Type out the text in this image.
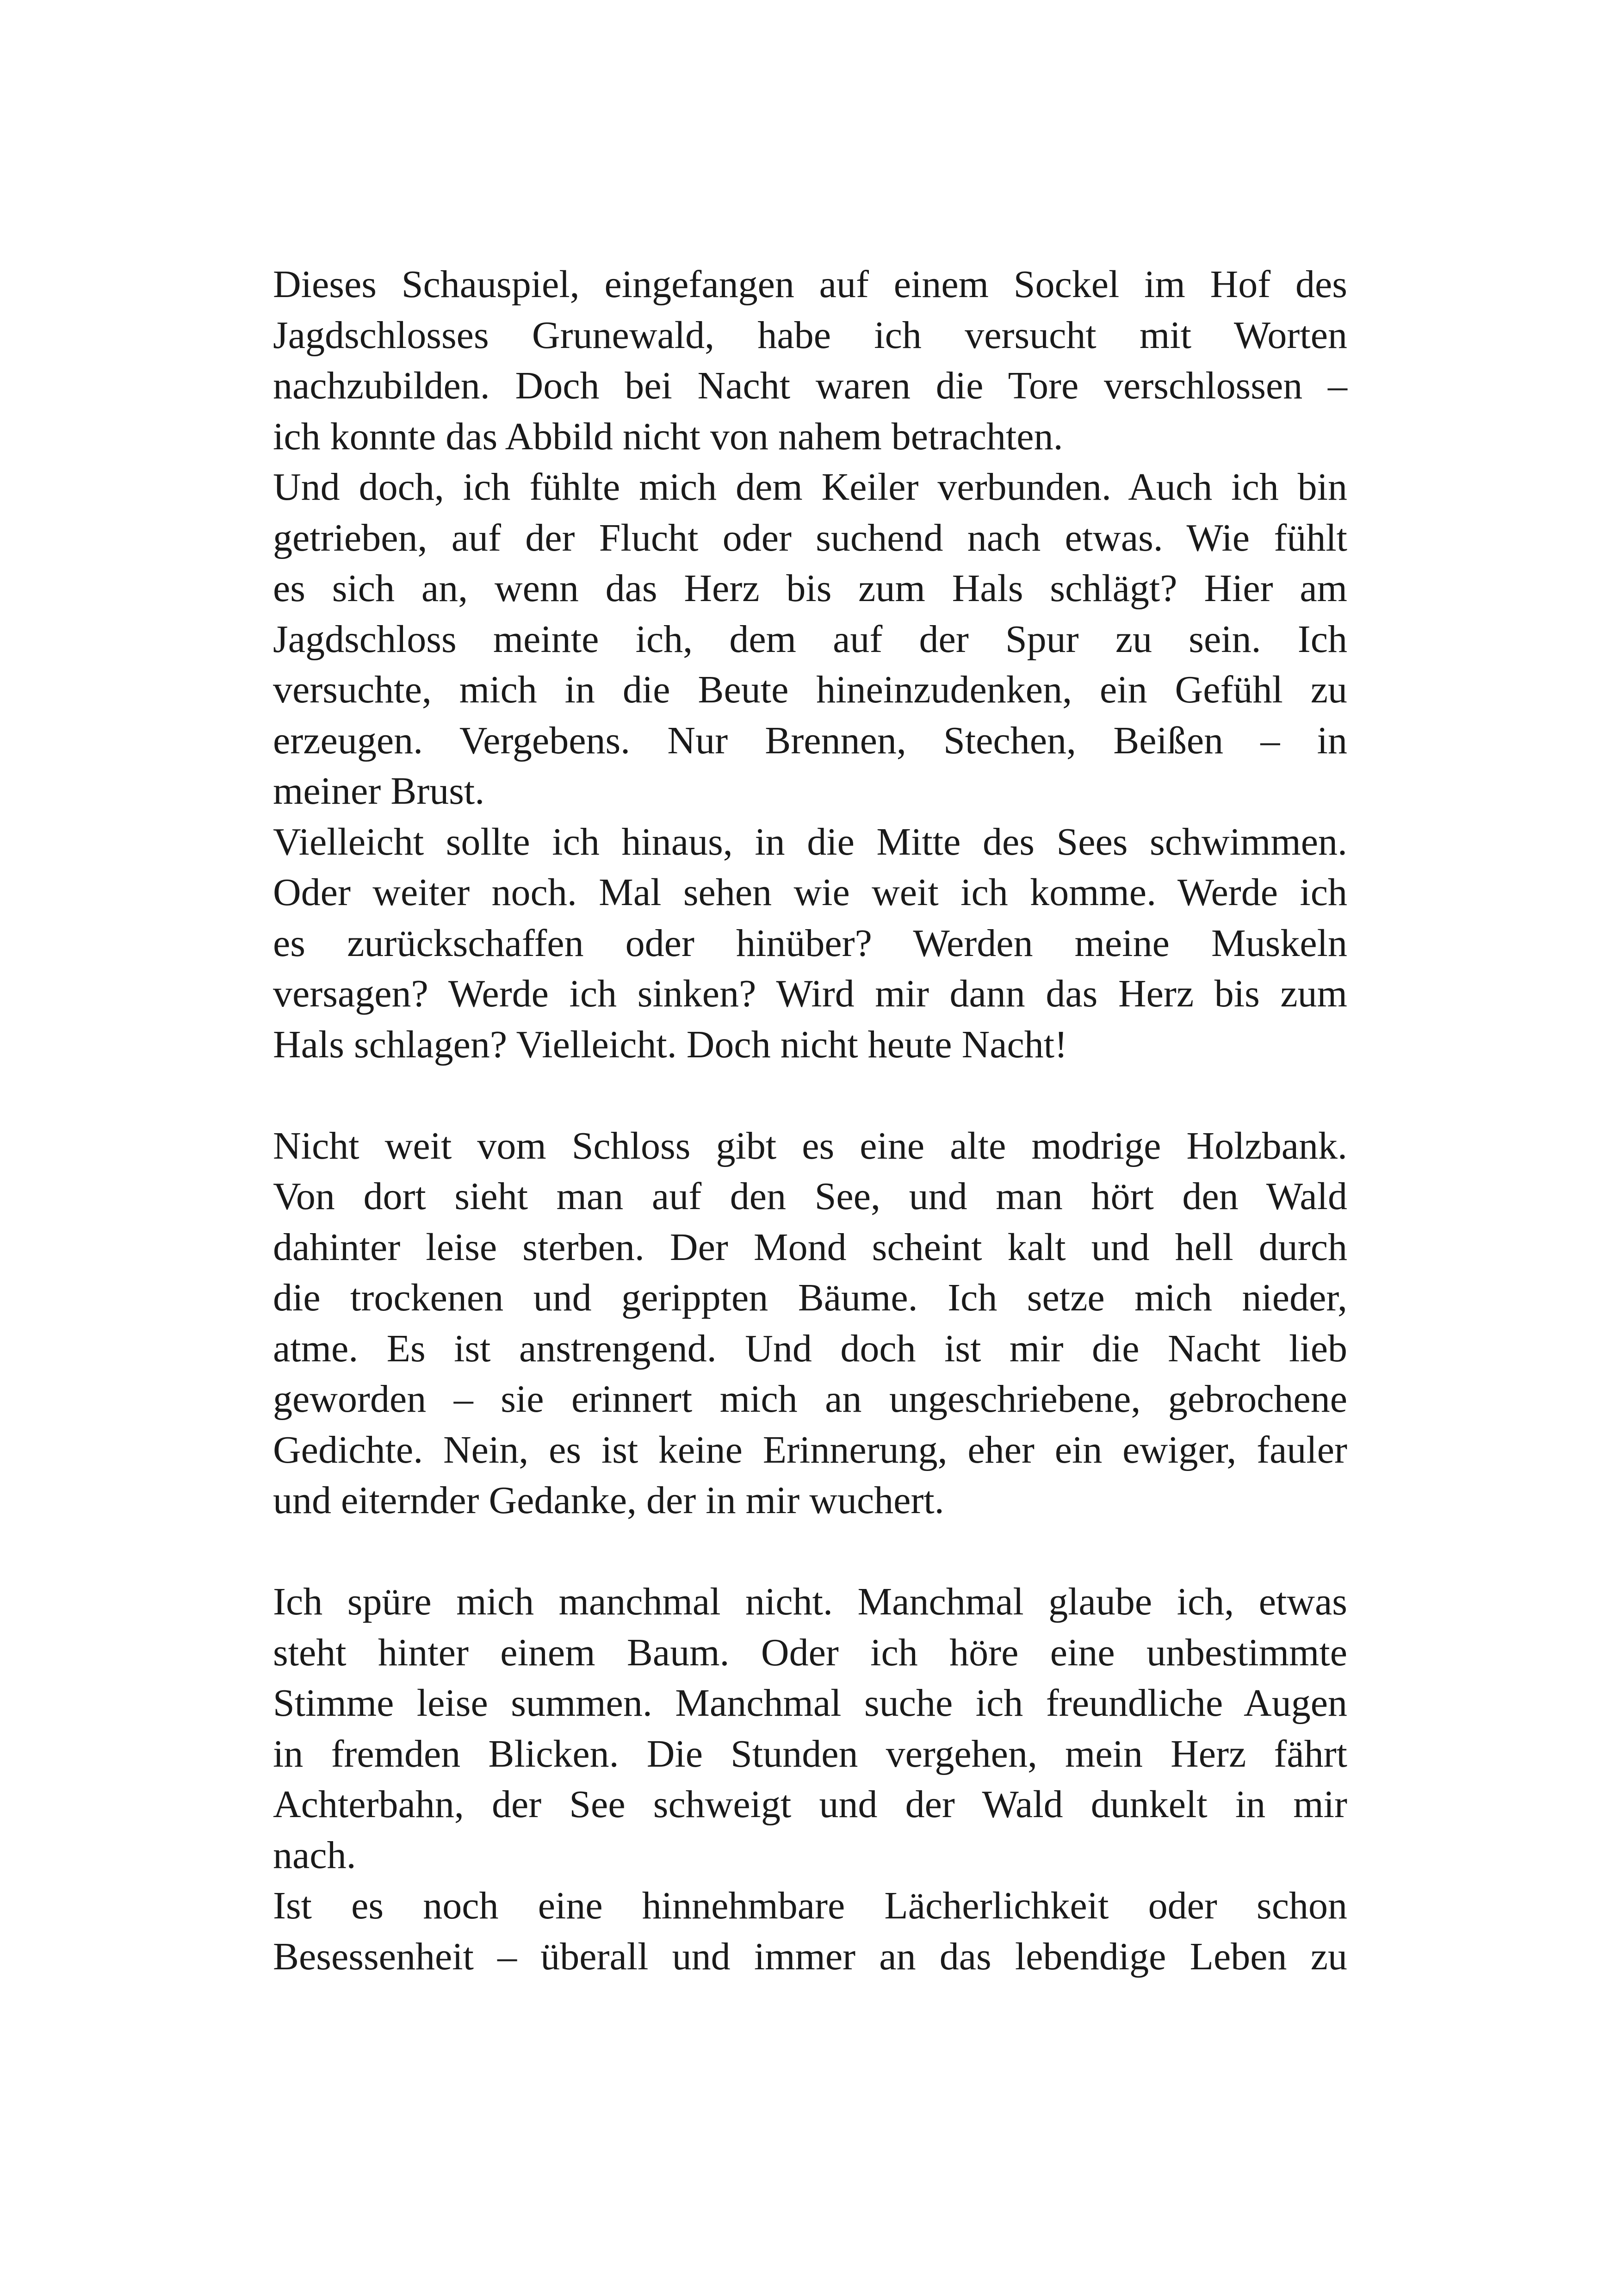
Dieses Schauspiel, eingefangen auf einem Sockel im Hof des
Jagdschlosses Grunewald, habe ich versucht mit Worten
nachzubilden. Doch bei Nacht waren die Tore verschlossen –
ich konnte das Abbild nicht von nahem betrachten.

Und doch, ich fühlte mich dem Keiler verbunden. Auch ich bin
getrieben, auf der Flucht oder suchend nach etwas. Wie fühlt
es sich an, wenn das Herz bis zum Hals schlägt? Hier am
Jagdschloss meinte ich, dem auf der Spur zu sein. Ich
versuchte, mich in die Beute hineinzudenken, ein Gefühl zu
erzeugen. Vergebens. Nur Brennen, Stechen, Beißen – in
meiner Brust.

Vielleicht sollte ich hinaus, in die Mitte des Sees schwimmen.
Oder weiter noch. Mal sehen wie weit ich komme. Werde ich
es zurückschaffen oder hinüber? Werden meine Muskeln
versagen? Werde ich sinken? Wird mir dann das Herz bis zum
Hals schlagen? Vielleicht. Doch nicht heute Nacht!

Nicht weit vom Schloss gibt es eine alte modrige Holzbank.
Von dort sieht man auf den See, und man hört den Wald
dahinter leise sterben. Der Mond scheint kalt und hell durch
die trockenen und gerippten Bäume. Ich setze mich nieder,
atme. Es ist anstrengend. Und doch ist mir die Nacht lieb
geworden – sie erinnert mich an ungeschriebene, gebrochene
Gedichte. Nein, es ist keine Erinnerung, eher ein ewiger, fauler
und eiternder Gedanke, der in mir wuchert.

Ich spüre mich manchmal nicht. Manchmal glaube ich, etwas
steht hinter einem Baum. Oder ich höre eine unbestimmte
Stimme leise summen. Manchmal suche ich freundliche Augen
in fremden Blicken. Die Stunden vergehen, mein Herz fährt
Achterbahn, der See schweigt und der Wald dunkelt in mir
nach.

Ist es noch eine hinnehmbare Lächerlichkeit oder schon
Besessenheit – überall und immer an das lebendige Leben zu
